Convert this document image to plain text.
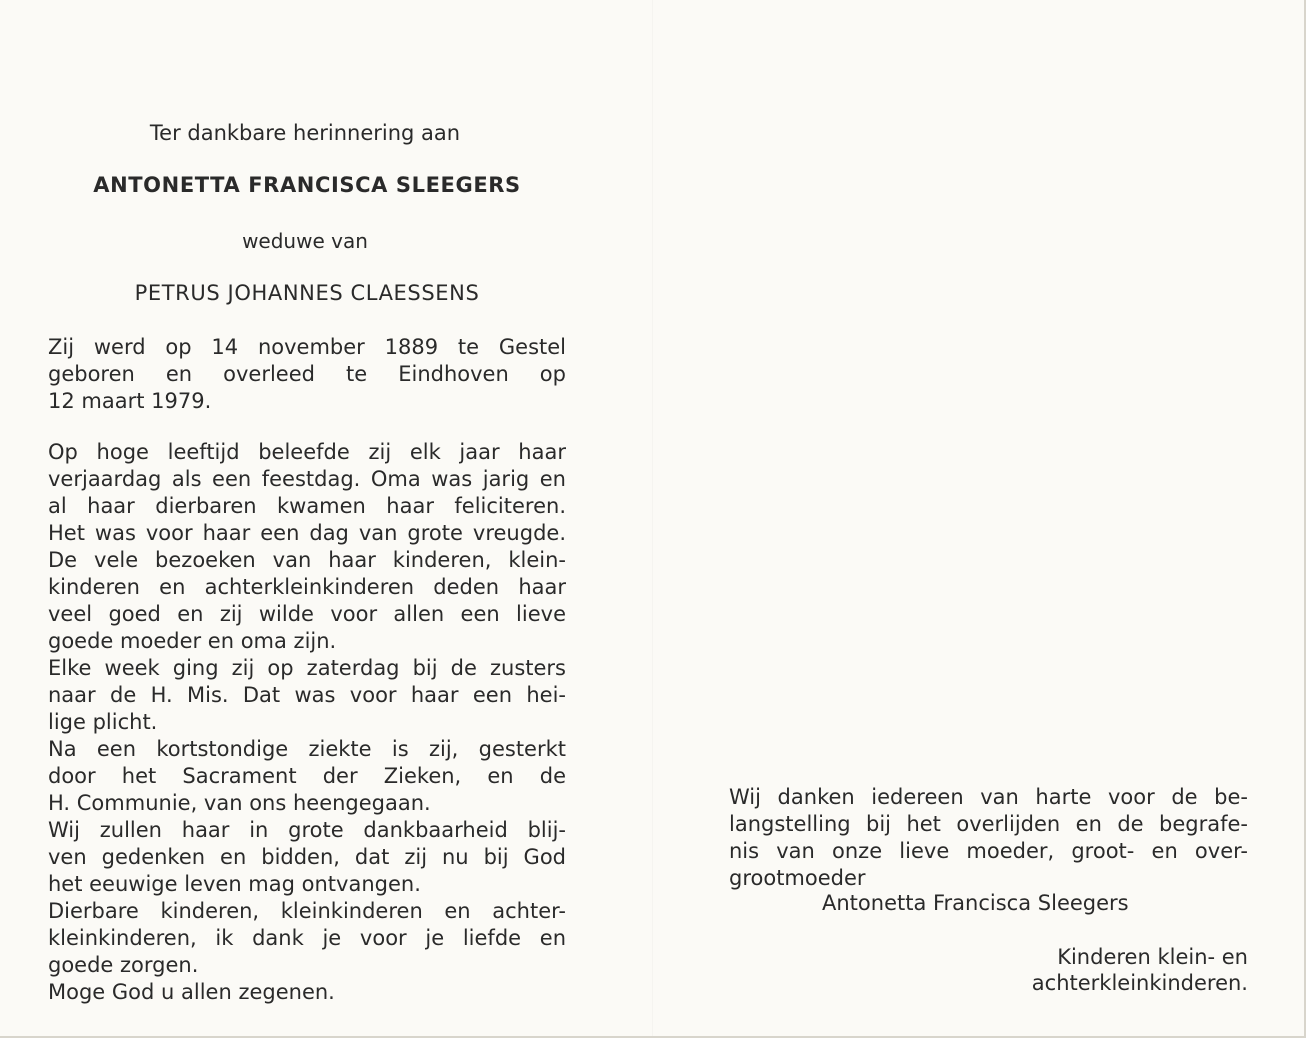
Ter dankbare herinnering aan
ANTONETTA FRANCISCA SLEEGERS
weduwe van
PETRUS JOHANNES CLAESSENS
Zij werd op 14 november 1889 te Gestel
geboren en overleed te Eindhoven op
12 maart 1979.
Op hoge leeftijd beleefde zij elk jaar haar
verjaardag als een feestdag. Oma was jarig en
al haar dierbaren kwamen haar feliciteren.
Het was voor haar een dag van grote vreugde.
De vele bezoeken van haar kinderen, klein-
kinderen en achterkleinkinderen deden haar
veel goed en zij wilde voor allen een lieve
goede moeder en oma zijn.
Elke week ging zij op zaterdag bij de zusters
naar de H. Mis. Dat was voor haar een hei-
lige plicht.
Na een kortstondige ziekte is zij, gesterkt
door het Sacrament der Zieken, en de
H. Communie, van ons heengegaan.
Wij zullen haar in grote dankbaarheid blij-
ven gedenken en bidden, dat zij nu bij God
het eeuwige leven mag ontvangen.
Dierbare kinderen, kleinkinderen en achter-
kleinkinderen, ik dank je voor je liefde en
goede zorgen.
Moge God u allen zegenen.
Wij danken iedereen van harte voor de be-
langstelling bij het overlijden en de begrafe-
nis van onze lieve moeder, groot- en over-
grootmoeder
Antonetta Francisca Sleegers
Kinderen klein- en
achterkleinkinderen.
